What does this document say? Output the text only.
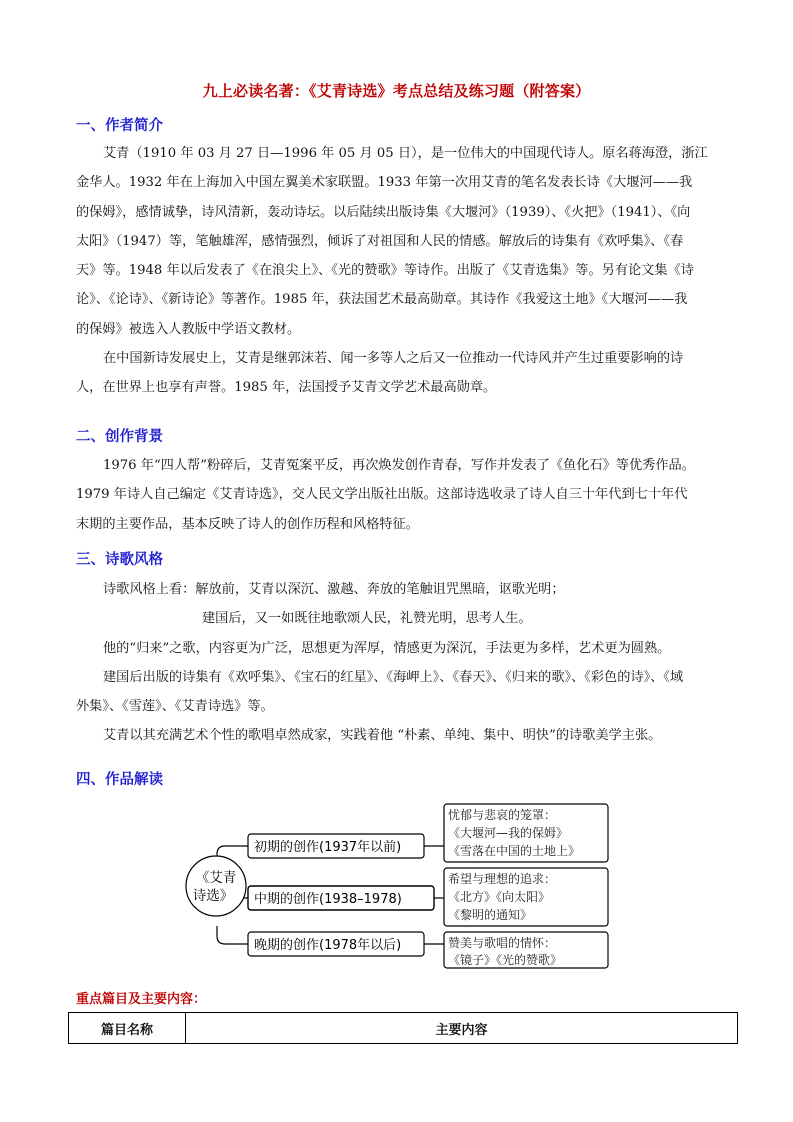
九上必读名著：《艾青诗选》考点总结及练习题（附答案）
一、作者简介
艾青（1910 年 03 月 27 日—1996 年 05 月 05 日），是一位伟大的中国现代诗人。原名蒋海澄，浙江
金华人。1932 年在上海加入中国左翼美术家联盟。1933 年第一次用艾青的笔名发表长诗《大堰河——我
的保姆》，感情诚挚，诗风清新，轰动诗坛。以后陆续出版诗集《大堰河》（1939）、《火把》（1941）、《向
太阳》（1947）等，笔触雄浑，感情强烈，倾诉了对祖国和人民的情感。解放后的诗集有《欢呼集》、《春
天》等。1948 年以后发表了《在浪尖上》、《光的赞歌》等诗作。出版了《艾青选集》等。另有论文集《诗
论》、《论诗》、《新诗论》等著作。1985 年，获法国艺术最高勋章。其诗作《我爱这土地》《大堰河——我
的保姆》被选入人教版中学语文教材。
在中国新诗发展史上，艾青是继郭沫若、闻一多等人之后又一位推动一代诗风并产生过重要影响的诗
人，在世界上也享有声誉。1985 年，法国授予艾青文学艺术最高勋章。
二、创作背景
1976 年“四人帮”粉碎后，艾青冤案平反，再次焕发创作青春，写作并发表了《鱼化石》等优秀作品。
1979 年诗人自己编定《艾青诗选》，交人民文学出版社出版。这部诗选收录了诗人自三十年代到七十年代
末期的主要作品，基本反映了诗人的创作历程和风格特征。
三、诗歌风格
诗歌风格上看：解放前，艾青以深沉、激越、奔放的笔触诅咒黑暗，讴歌光明；
建国后，又一如既往地歌颂人民，礼赞光明，思考人生。
他的“归来”之歌，内容更为广泛，思想更为浑厚，情感更为深沉，手法更为多样，艺术更为圆熟。
建国后出版的诗集有《欢呼集》、《宝石的红星》、《海岬上》、《春天》、《归来的歌》、《彩色的诗》、《域
外集》、《雪莲》、《艾青诗选》等。
艾青以其充满艺术个性的歌唱卓然成家，实践着他 “朴素、单纯、集中、明快”的诗歌美学主张。
四、作品解读
《艾青
诗选》
初期的创作(1937年以前)
中期的创作(1938–1978)
晚期的创作(1978年以后)
忧郁与悲哀的笼罩：
《大堰河—我的保姆》
《雪落在中国的土地上》
希望与理想的追求：
《北方》《向太阳》
《黎明的通知》
赞美与歌唱的情怀：
《镜子》《光的赞歌》
重点篇目及主要内容：
篇目名称	主要内容
